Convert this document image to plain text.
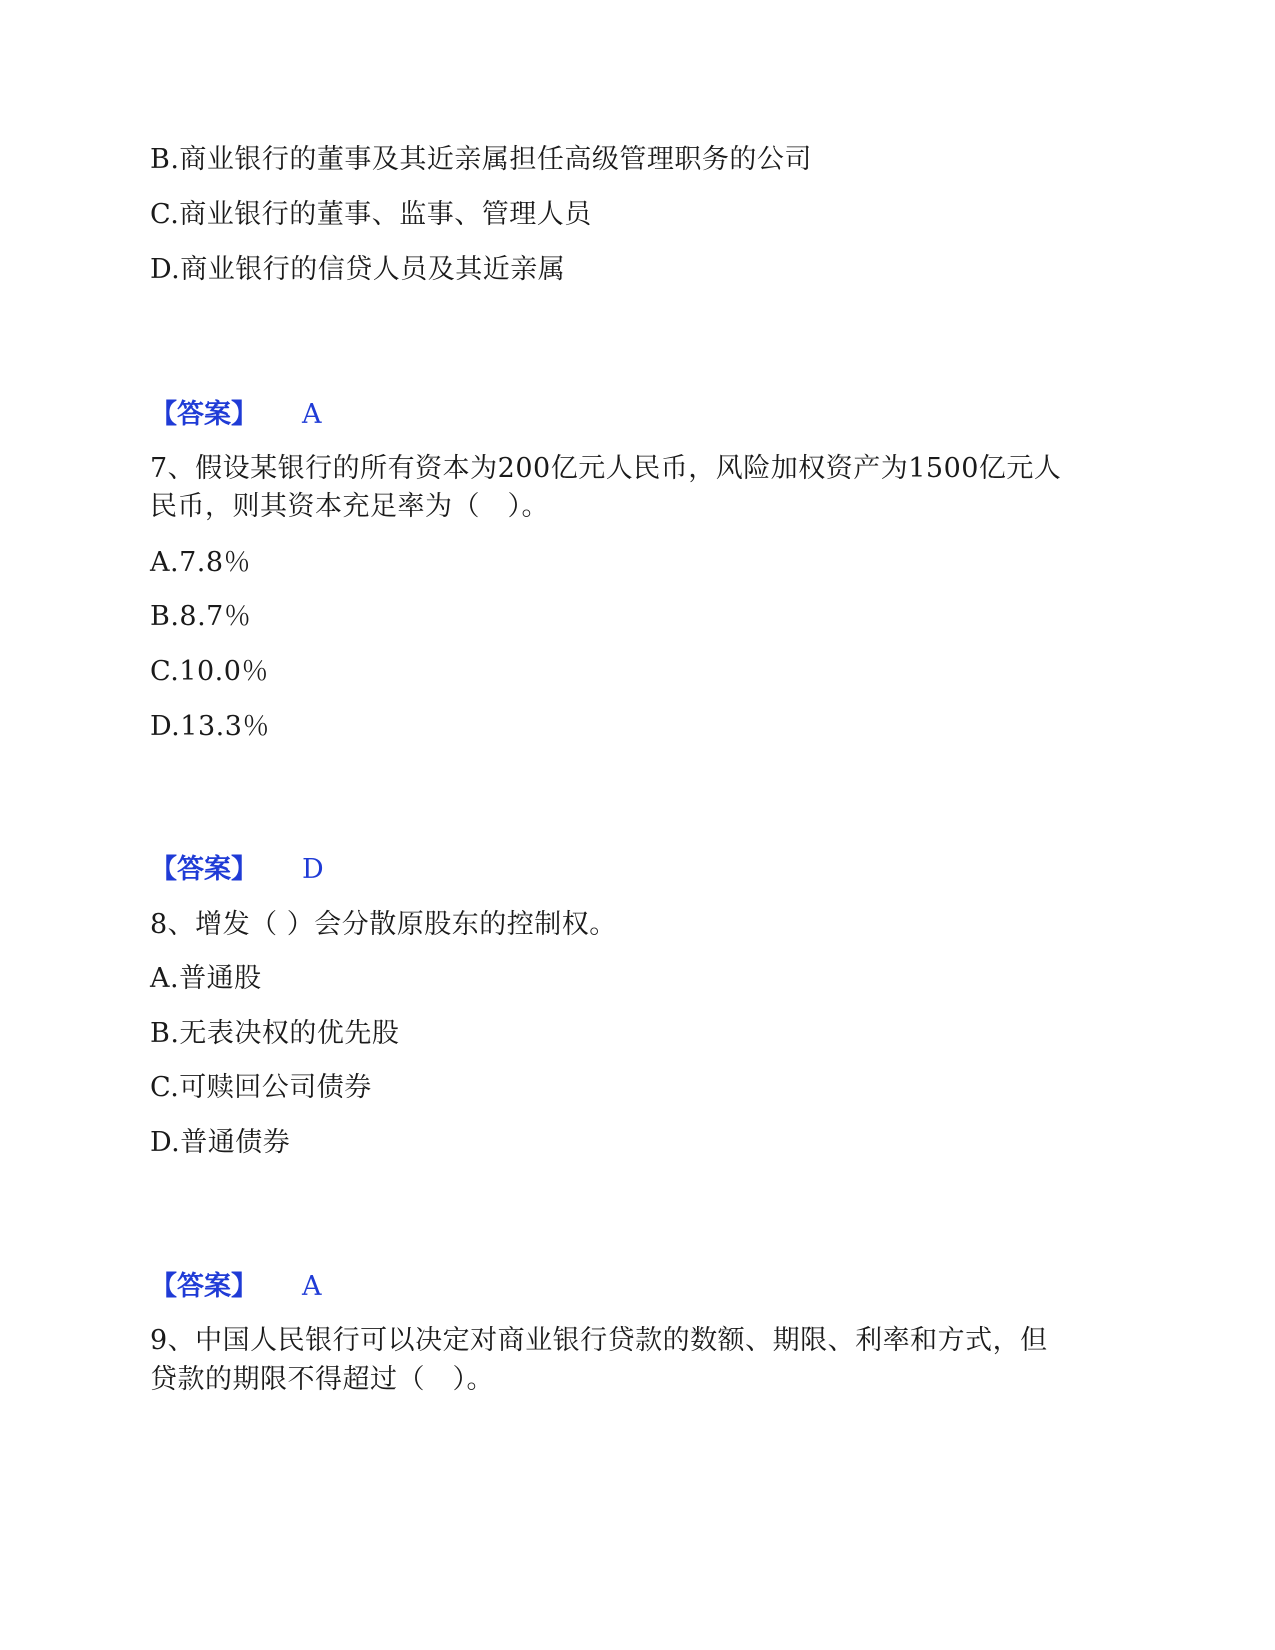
B.商业银行的董事及其近亲属担任高级管理职务的公司
C.商业银行的董事、监事、管理人员
D.商业银行的信贷人员及其近亲属
【答案】 A
7、假设某银行的所有资本为200亿元人民币，风险加权资产为1500亿元人
民币，则其资本充足率为（　）。
A.7.8％
B.8.7％
C.10.0％
D.13.3％
【答案】 D
8、增发（ ）会分散原股东的控制权。
A.普通股
B.无表决权的优先股
C.可赎回公司债券
D.普通债券
【答案】 A
9、中国人民银行可以决定对商业银行贷款的数额、期限、利率和方式，但
贷款的期限不得超过（　）。
